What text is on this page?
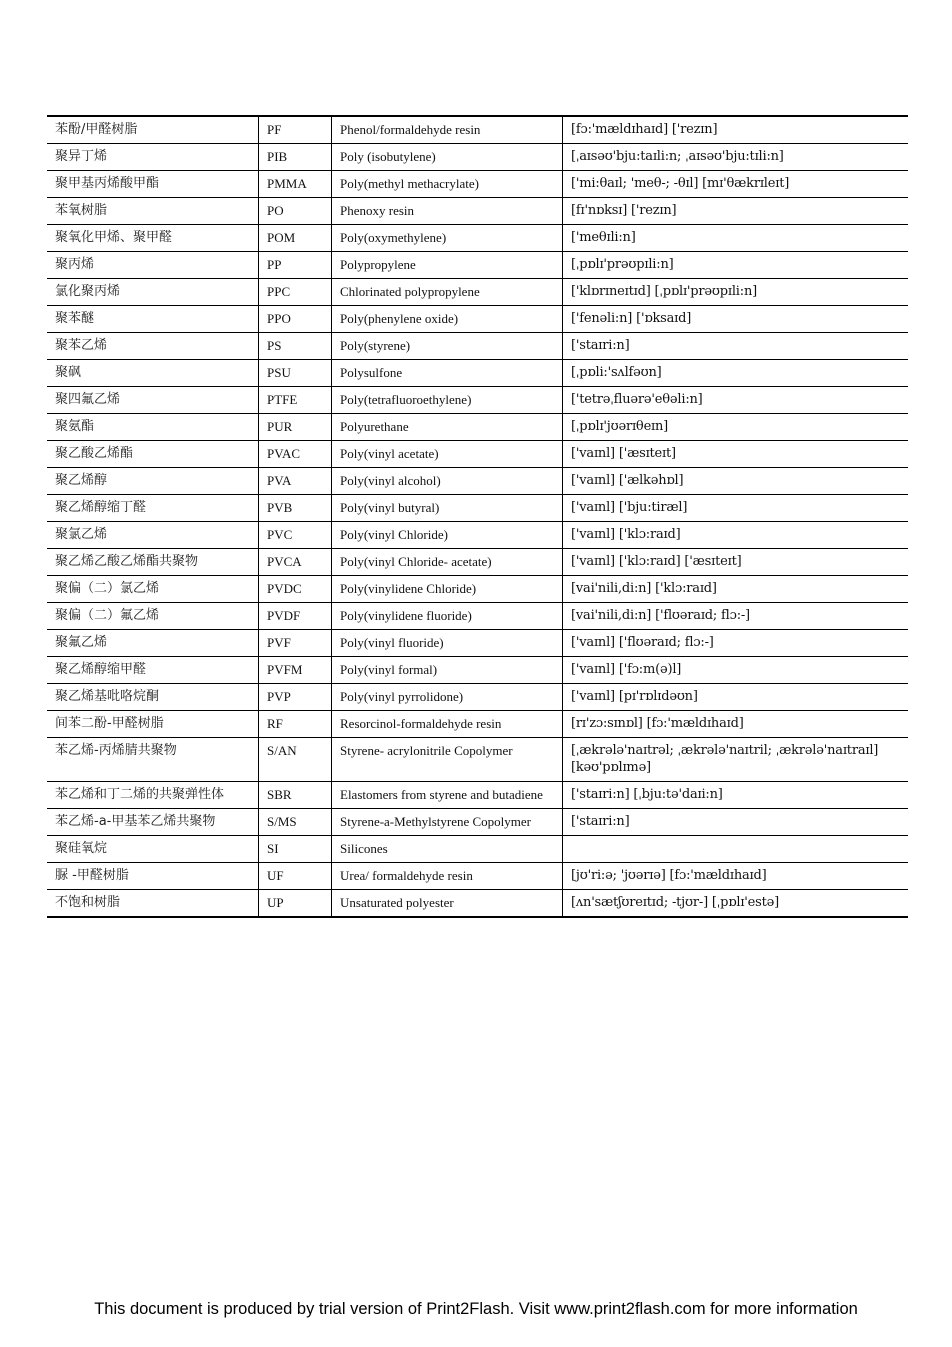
苯酚/甲醛树脂	PF	Phenol/formaldehyde resin	[fɔ:'mældɪhaɪd] ['rezɪn]
聚异丁烯	PIB	Poly (isobutylene)	[ˌaɪsəʊ'bju:taɪli:n; ˌaɪsəʊ'bju:tɪli:n]
聚甲基丙烯酸甲酯	PMMA	Poly(methyl methacrylate)	['mi:θaɪl; 'meθ-; -θɪl] [mɪ'θækrɪleɪt]
苯氧树脂	PO	Phenoxy resin	[fɪ'nɒksɪ] ['rezɪn]
聚氧化甲烯、聚甲醛	POM	Poly(oxymethylene)	['meθɪli:n]
聚丙烯	PP	Polypropylene	[ˌpɒlɪ'prəʊpɪli:n]
氯化聚丙烯	PPC	Chlorinated polypropylene	['klɒrɪneɪtɪd] [ˌpɒlɪ'prəʊpɪli:n]
聚苯醚	PPO	Poly(phenylene oxide)	['fenəli:n] ['ɒksaɪd]
聚苯乙烯	PS	Poly(styrene)	['staɪri:n]
聚砜	PSU	Polysulfone	[ˌpɒli:'sʌlfəʊn]
聚四氟乙烯	PTFE	Poly(tetrafluoroethylene)	['tetrəˌfluərə'eθəli:n]
聚氨酯	PUR	Polyurethane	[ˌpɒlɪ'jʊərɪθeɪn]
聚乙酸乙烯酯	PVAC	Poly(vinyl acetate)	['vaɪnl] ['æsɪteɪt]
聚乙烯醇	PVA	Poly(vinyl alcohol)	['vaɪnl] ['ælkəhɒl]
聚乙烯醇缩丁醛	PVB	Poly(vinyl butyral)	['vaɪnl] ['bju:tiræl]
聚氯乙烯	PVC	Poly(vinyl Chloride)	['vaɪnl] ['klɔ:raɪd]
聚乙烯乙酸乙烯酯共聚物	PVCA	Poly(vinyl Chloride- acetate)	['vaɪnl] ['klɔ:raɪd] ['æsɪteɪt]
聚偏（二）氯乙烯	PVDC	Poly(vinylidene Chloride)	[vai'nili,di:n] ['klɔ:raɪd]
聚偏（二）氟乙烯	PVDF	Poly(vinylidene fluoride)	[vai'nili,di:n] ['flʊəraɪd; flɔ:-]
聚氟乙烯	PVF	Poly(vinyl fluoride)	['vaɪnl] ['flʊəraɪd; flɔ:-]
聚乙烯醇缩甲醛	PVFM	Poly(vinyl formal)	['vaɪnl] ['fɔ:m(ə)l]
聚乙烯基吡咯烷酮	PVP	Poly(vinyl pyrrolidone)	['vaɪnl] [pɪ'rɒlɪdəʊn]
间苯二酚-甲醛树脂	RF	Resorcinol-formaldehyde resin	[rɪ'zɔ:sɪnɒl] [fɔ:'mældɪhaɪd]
苯乙烯-丙烯腈共聚物	S/AN	Styrene- acrylonitrile Copolymer	[ˌækrələ'naɪtrəl; ˌækrələ'naɪtril; ˌækrələ'naɪtraɪl] [kəʊ'pɒlɪmə]
苯乙烯和丁二烯的共聚弹性体	SBR	Elastomers from styrene and butadiene	['staɪri:n] [ˌbju:tə'daɪi:n]
苯乙烯-a-甲基苯乙烯共聚物	S/MS	Styrene-a-Methylstyrene Copolymer	['staɪri:n]
聚硅氧烷	SI	Silicones	
脲 -甲醛树脂	UF	Urea/ formaldehyde resin	[jʊ'ri:ə; 'jʊərɪə] [fɔ:'mældɪhaɪd]
不饱和树脂	UP	Unsaturated polyester	[ʌn'sætʃʊreɪtɪd; -tjʊr-] [ˌpɒlɪ'estə]
This document is produced by trial version of Print2Flash. Visit www.print2flash.com for more information
